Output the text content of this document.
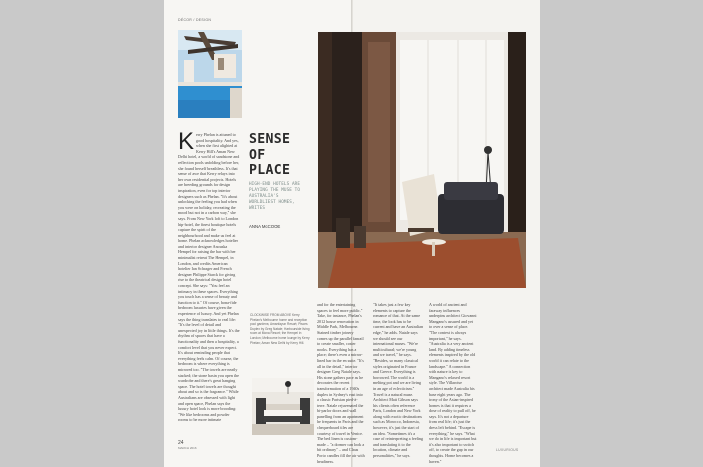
DÉCOR / DESIGN
SENSE
OF
PLACE
HIGH-END HOTELS ARE PLAYING THE MUSE TO AUSTRALIA'S WORLDLIEST HOMES, WRITES
ANNA McCOOE
K erry Phelan is attuned to good hospitality. And yes, when she first alighted at Kerry Hill's Aman New Delhi hotel, a world of sandstone and reflection pools unfolding before her, she found herself breathless. It's that sense of awe that Kerry relays into her own residential projects. Hotels are breeding grounds for design inspiration, even for top interior designers such as Phelan. "It's about unlocking the feeling you had when you were on holiday, recreating the mood but not in a carbon way," she says. From New York loft to London hip-hotel, the finest boutique hotels capture the spirit of the neighbourhood and make us feel at home. Phelan acknowledges hotelier and interior designer Anouska Hempel for raising the bar with her minimalist retreat The Hempel, in London, and credits American hotelier Ian Schrager and French designer Philippe Starck for giving rise to the theatrical design hotel concept. She says: "You feel an intimacy in these spaces. Everything you touch has a sense of beauty and function to it." Of course, bona-fide bedroom luxuries have given the experience of luxury. And yet Phelan says the thing translates to real life: "It's the level of detail and unexpected joy in little things. It's the rhythm of spaces that have a functionality and then a hospitality, a comfort level that you never expect. It's about reminding people that everything feels calm. Of course, the bedroom is where everything is mirrored too. "The towels are neatly stacked; the stone basin you open the wardrobe and there's great hanging space. The hotel towels are thought about and so is the fragrance." While Australians are obsessed with light and open space, Phelan says the luxury hotel look is more brooding: "We like bedrooms and powder rooms to be more intimate
CLOCKWISE FROM ABOVE Kerry Phelan's Melbourne home and reception pool gardens; Amanfayun Resort; Pisces Duplex by Greg Natale; Harbourside living room at Mona Resort; the Hempel in London; Melbourne home lounge by Kerry Phelan; Aman New Delhi by Kerry Hill.
and for the entertaining spaces to feel more public." Take, for instance, Phelan's 2012 house renovation in Middle Park, Melbourne. Stained timber joinery comes up the parallel fanrail to create smaller, cosier nooks. Everything has a place; there's even a mirror-lined bar in the en suite. "It's all in the detail," interior designer Greg Natale says. His stone gathers pace as he decorates the recent transformation of a 1940s duplex in Sydney's east into a classic Parisian pied-à-terre. Natale rejuvenated the bi-parlor doors and wall panelling from an apartment he frequents in Paris and the chequerboard tiles are courtesy of travel in Venice. The bed linen is custom-made – "a dormer can look a bit ordinary" – and Claus Porto candles fill the air with headiness.
"It takes just a few key elements to capture the romance of that. At the same time, the look has to be current and have an Australian edge," he adds. Natale says we should see our international muses. "We're multicultural; we're young and we travel," he says. "Besides, so many classical styles originated in France and Greece. Everything is borrowed. The world is a melting pot and we are living in an age of eclecticism." Travel is a natural muse. Architect Matt Gibson says his clients often reference Paris, London and New York along with exotic destinations such as Morocco, Indonesia, however, it's just the start of an idea. "Sometimes it's a case of reinterpreting a feeling and translating it to the location, climate and personalities," he says.
A world of ancient and faraway influences underpins architect Giovanni Mangano's assured and yet to over a sense of place. "The context is always important," he says. "Australia is a very ancient land. By adding timeless elements inspired by the old world it can relate to the landscape." A connection with nature is key to Mangano's relaxed resort style. The Villaroise architect made Australia his base eight years ago. The irony of the Asian-inspired homes is that it requires a dose of reality to pull off, he says. It's not a departure from real life; it's just the dress left behind. "Escape is everything," he says. "What we do in life is important but it's also important to switch off, to create the gap in our thoughts. Home becomes a haven."
24
MARCH 2016	LUXURIOUS
